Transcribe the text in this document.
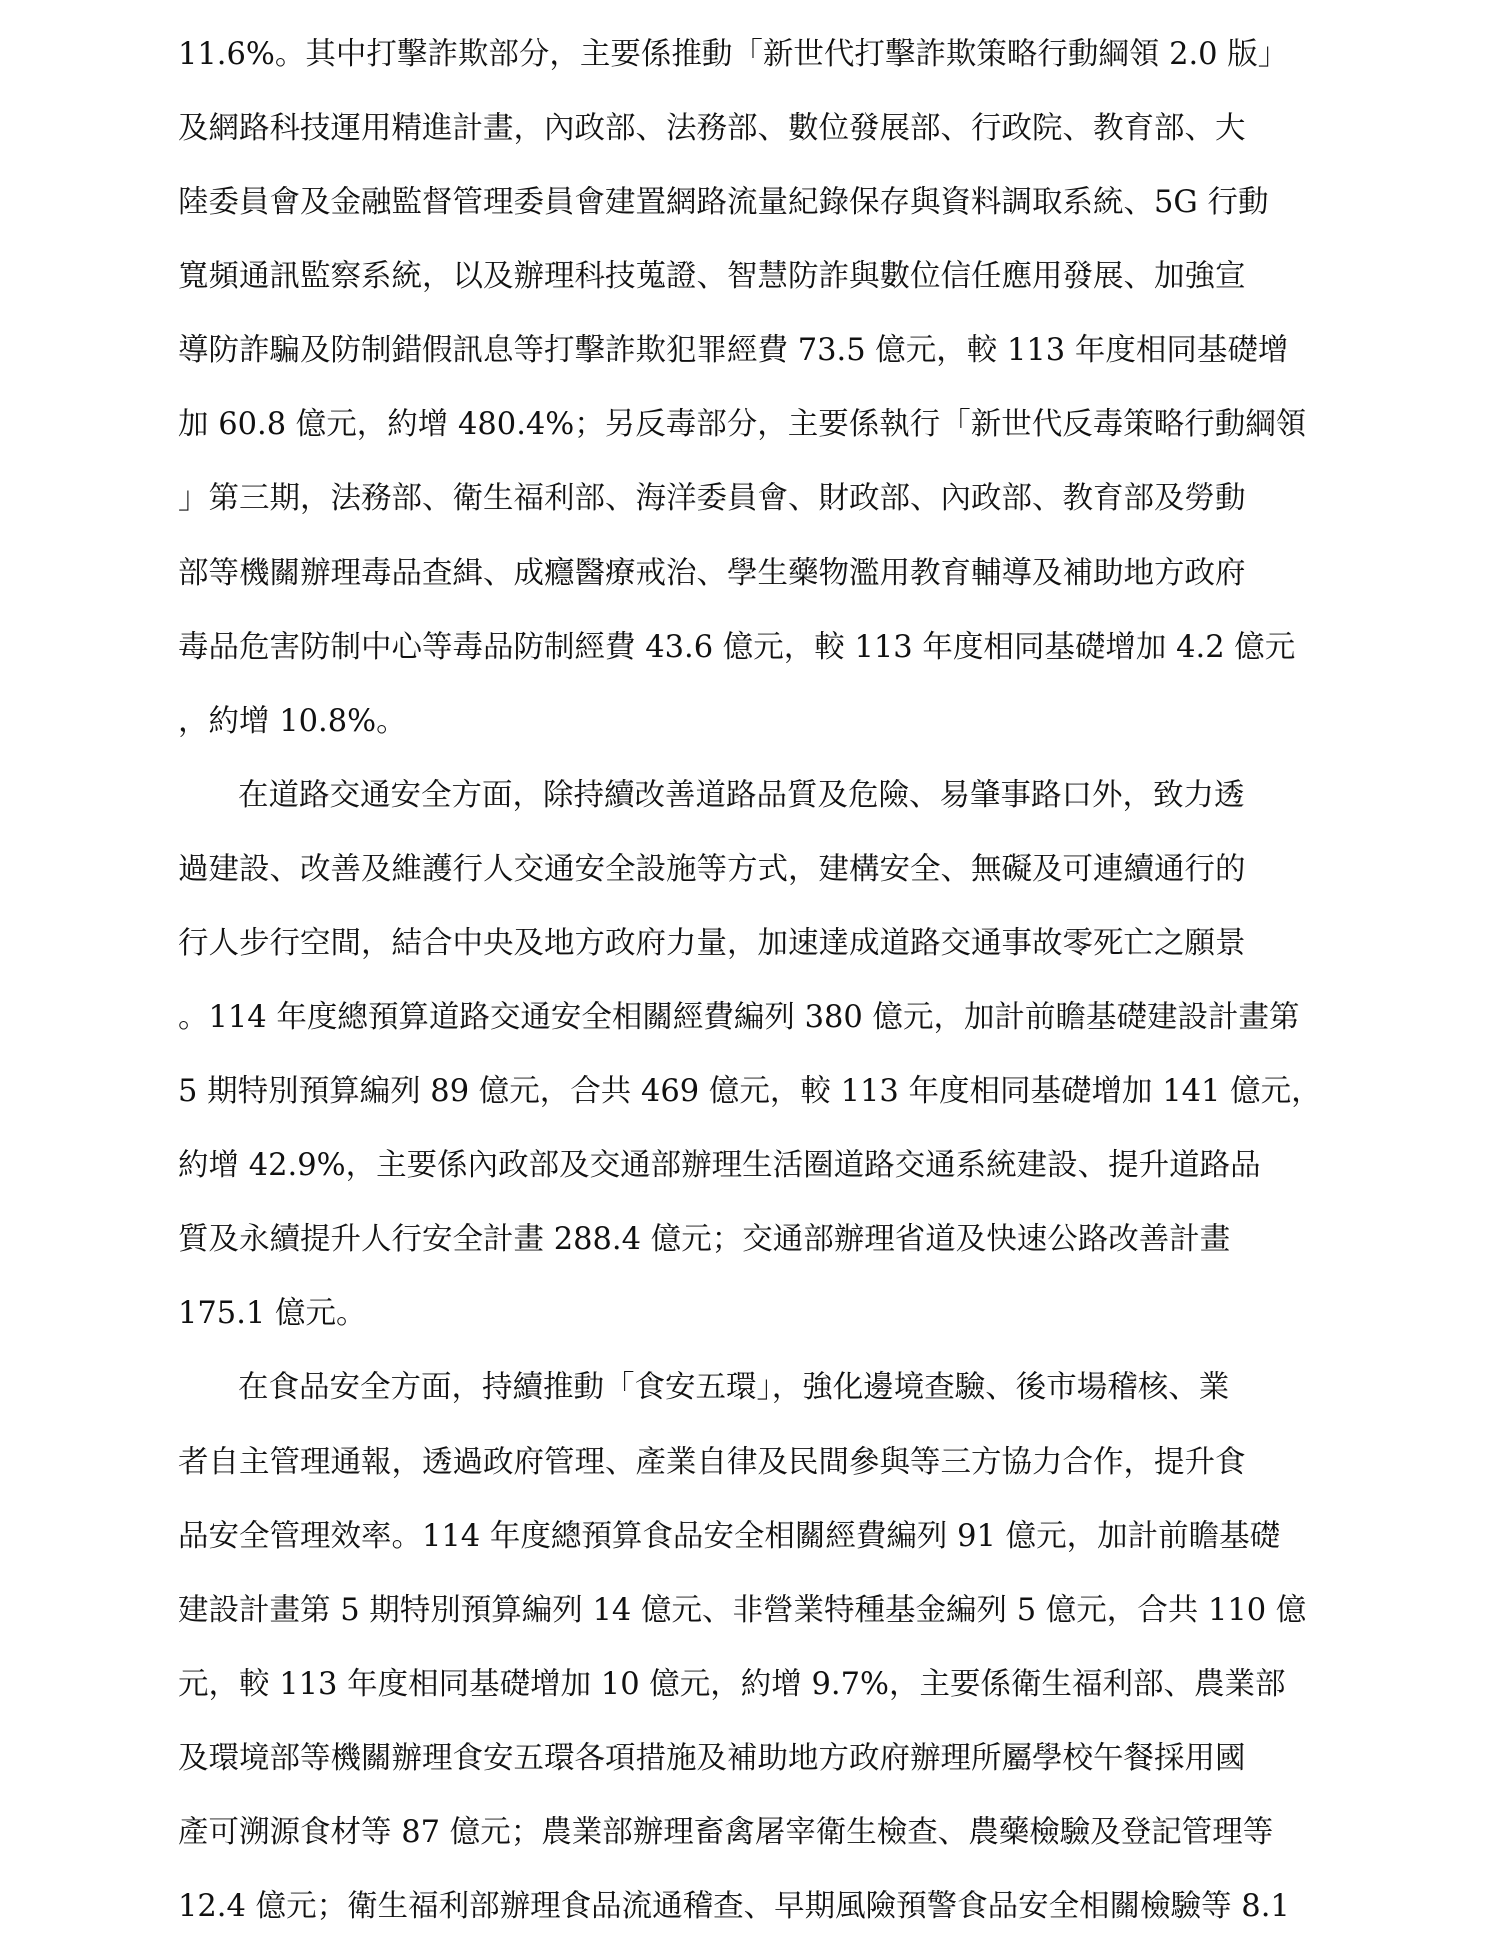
11.6%。其中打擊詐欺部分，主要係推動「新世代打擊詐欺策略行動綱領 2.0 版」
及網路科技運用精進計畫，內政部、法務部、數位發展部、行政院、教育部、大
陸委員會及金融監督管理委員會建置網路流量紀錄保存與資料調取系統、5G 行動
寬頻通訊監察系統，以及辦理科技蒐證、智慧防詐與數位信任應用發展、加強宣
導防詐騙及防制錯假訊息等打擊詐欺犯罪經費 73.5 億元，較 113 年度相同基礎增
加 60.8 億元，約增 480.4%；另反毒部分，主要係執行「新世代反毒策略行動綱領
」第三期，法務部、衛生福利部、海洋委員會、財政部、內政部、教育部及勞動
部等機關辦理毒品查緝、成癮醫療戒治、學生藥物濫用教育輔導及補助地方政府
毒品危害防制中心等毒品防制經費 43.6 億元，較 113 年度相同基礎增加 4.2 億元
，約增 10.8%。
在道路交通安全方面，除持續改善道路品質及危險、易肇事路口外，致力透
過建設、改善及維護行人交通安全設施等方式，建構安全、無礙及可連續通行的
行人步行空間，結合中央及地方政府力量，加速達成道路交通事故零死亡之願景
。114 年度總預算道路交通安全相關經費編列 380 億元，加計前瞻基礎建設計畫第
5 期特別預算編列 89 億元，合共 469 億元，較 113 年度相同基礎增加 141 億元，
約增 42.9%，主要係內政部及交通部辦理生活圈道路交通系統建設、提升道路品
質及永續提升人行安全計畫 288.4 億元；交通部辦理省道及快速公路改善計畫
175.1 億元。
在食品安全方面，持續推動「食安五環」，強化邊境查驗、後市場稽核、業
者自主管理通報，透過政府管理、產業自律及民間參與等三方協力合作，提升食
品安全管理效率。114 年度總預算食品安全相關經費編列 91 億元，加計前瞻基礎
建設計畫第 5 期特別預算編列 14 億元、非營業特種基金編列 5 億元，合共 110 億
元，較 113 年度相同基礎增加 10 億元，約增 9.7%，主要係衛生福利部、農業部
及環境部等機關辦理食安五環各項措施及補助地方政府辦理所屬學校午餐採用國
產可溯源食材等 87 億元；農業部辦理畜禽屠宰衛生檢查、農藥檢驗及登記管理等
12.4 億元；衛生福利部辦理食品流通稽查、早期風險預警食品安全相關檢驗等 8.1
